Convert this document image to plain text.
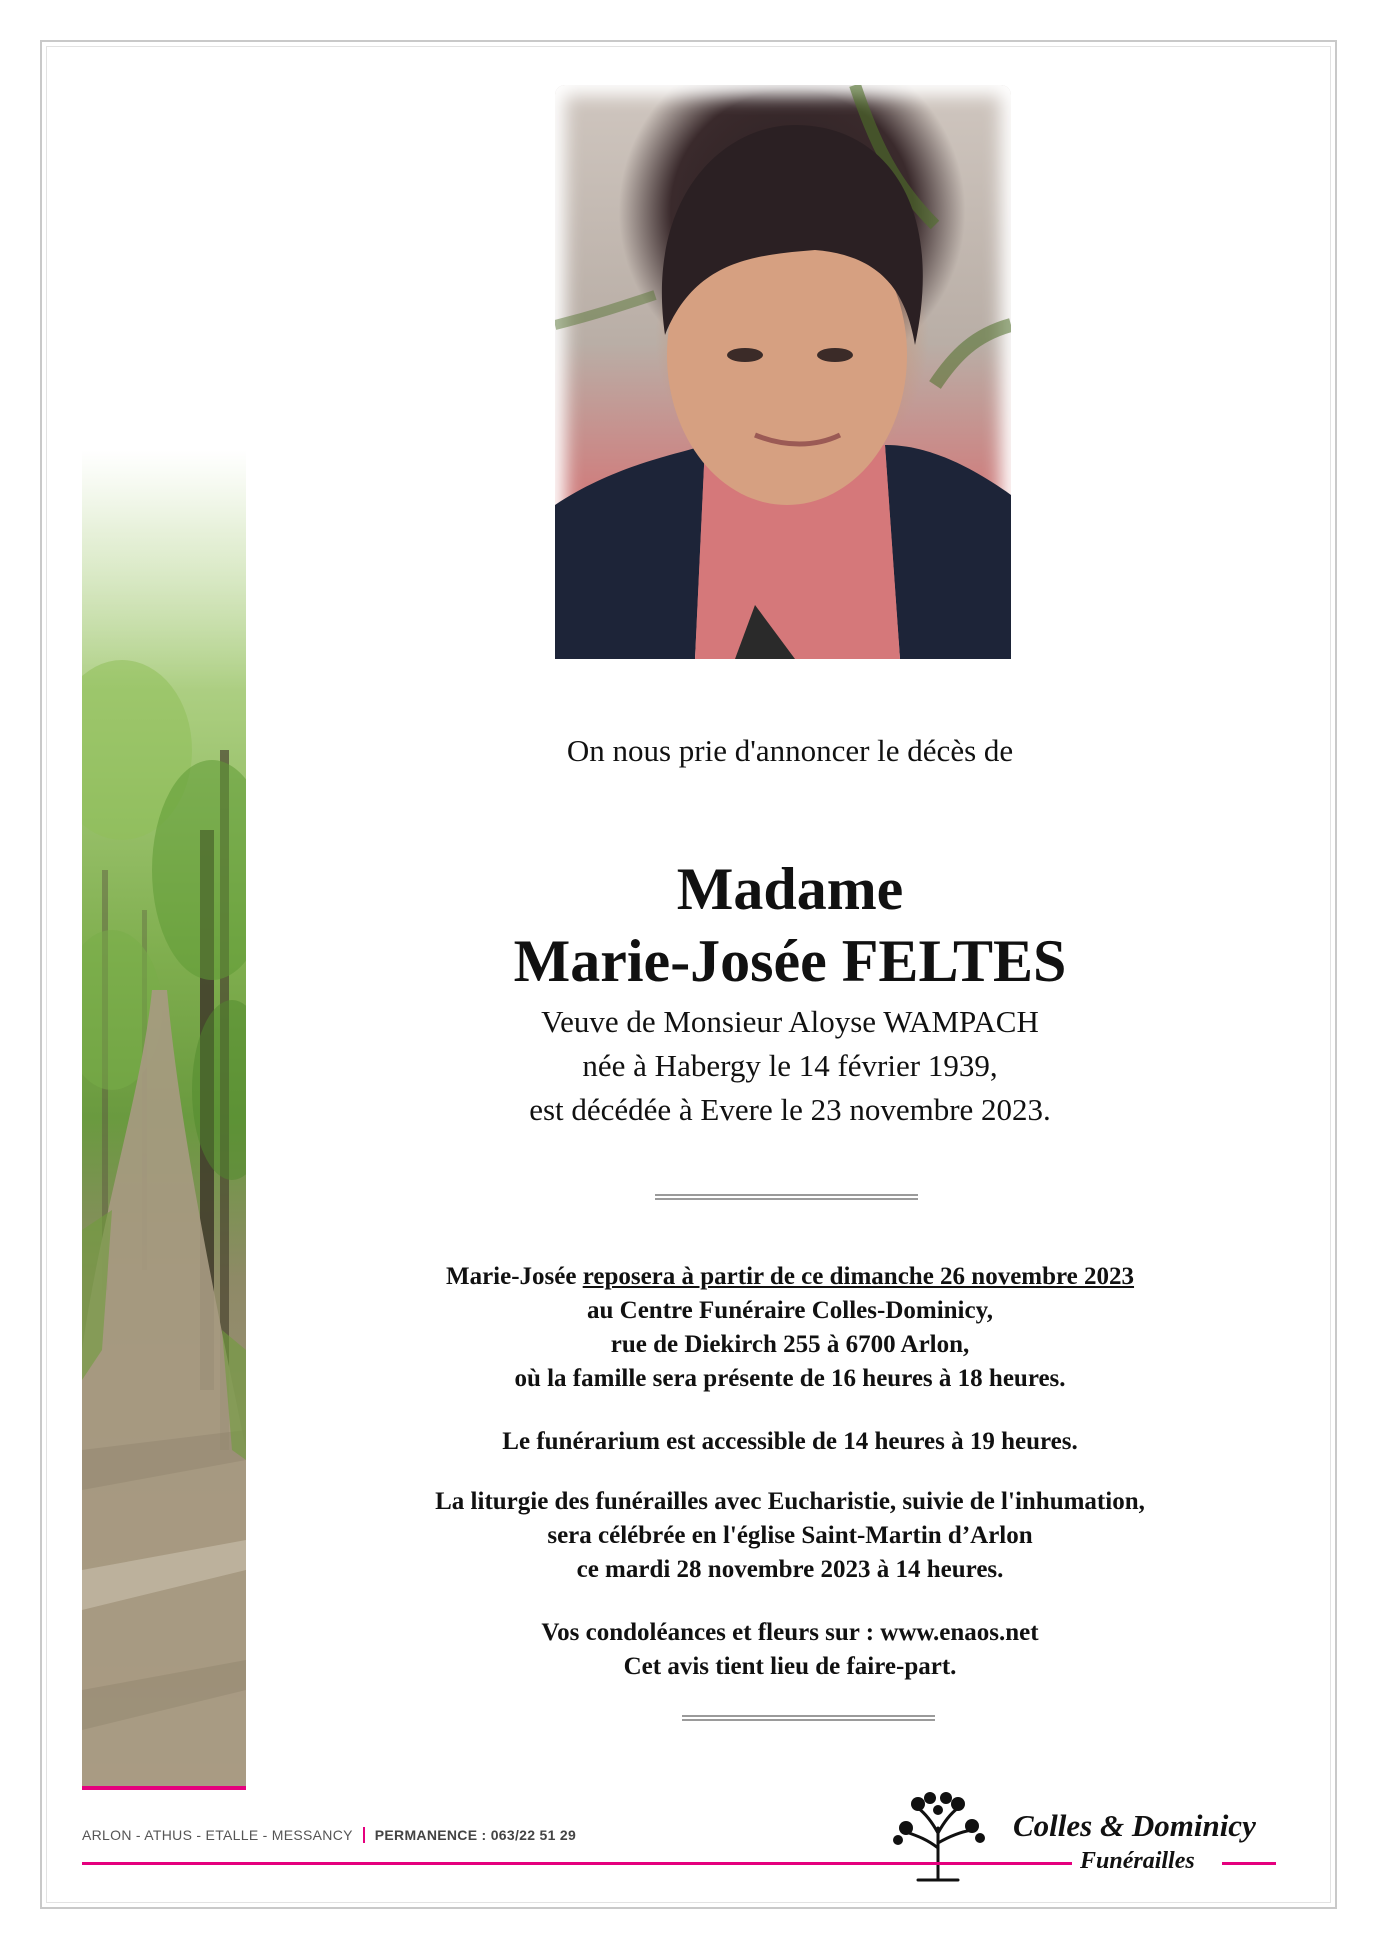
On nous prie d'annoncer le décès de
Madame
Marie-Josée FELTES
Veuve de Monsieur Aloyse WAMPACH
née à Habergy le 14 février 1939,
est décédée à Evere le 23 novembre 2023.
Marie-Josée reposera à partir de ce dimanche 26 novembre 2023
au Centre Funéraire Colles-Dominicy,
rue de Diekirch 255 à 6700 Arlon,
où la famille sera présente de 16 heures à 18 heures.
Le funérarium est accessible de 14 heures à 19 heures.
La liturgie des funérailles avec Eucharistie, suivie de l'inhumation,
sera célébrée en l'église Saint-Martin d’Arlon
ce mardi 28 novembre 2023 à 14 heures.
Vos condoléances et fleurs sur : www.enaos.net
Cet avis tient lieu de faire-part.
ARLON - ATHUS - ETALLE - MESSANCY PERMANENCE : 063/22 51 29	Colles & Dominicy
Funérailles
